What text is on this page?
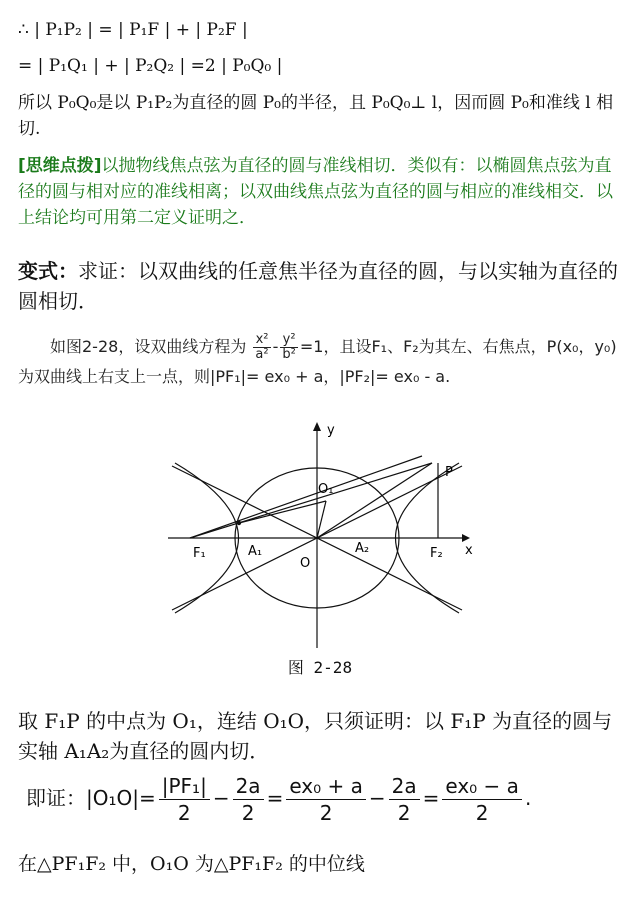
∴ | P₁P₂ | = | P₁F | + | P₂F |
= | P₁Q₁ | + | P₂Q₂ | =2 | P₀Q₀ |
所以 P₀Q₀是以 P₁P₂为直径的圆 P₀的半径，且 P₀Q₀⊥ l，因而圆 P₀和准线 l 相切.
[思维点拨]以抛物线焦点弦为直径的圆与准线相切．类似有：以椭圆焦点弦为直径的圆与相对应的准线相离；以双曲线焦点弦为直径的圆与相应的准线相交．以上结论均可用第二定义证明之．
变式：求证：以双曲线的任意焦半径为直径的圆，与以实轴为直径的圆相切．
如图2-28，设双曲线方程为 $\frac{\text{x²}}{\text{a²}} - \frac{\text{y²}}{\text{b²}} =1$，且设F₁、F₂为其左、右焦点，P(x₀，y₀)为双曲线上右支上一点，则|PF₁|= ex₀ + a，|PF₂|= ex₀ - a.
y
x
P
O₁
O
F₁	A₁	A₂	F₂
图 2-28
取 F₁P 的中点为 O₁，连结 O₁O，只须证明：以 F₁P 为直径的圆与实轴 A₁A₂为直径的圆内切．
即证：$|O_1O|= \frac{\text{|PF₁|}}{2} - \frac{2a}{2} = \frac{\text{ex₀ + a}}{2} - \frac{2a}{2} = \frac{\text{ex₀ − a}}{2}$ .
在△PF₁F₂ 中，O₁O 为△PF₁F₂ 的中位线
